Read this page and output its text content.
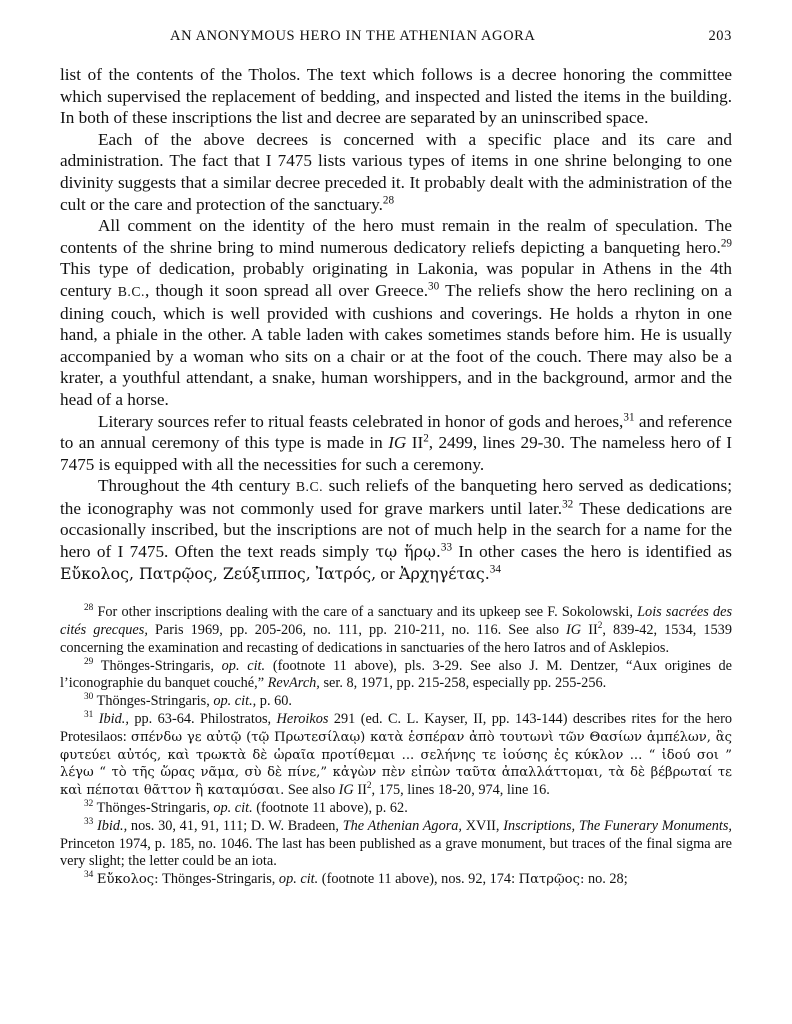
AN ANONYMOUS HERO IN THE ATHENIAN AGORA	203

list of the contents of the Tholos. The text which follows is a decree honoring the committee which supervised the replacement of bedding, and inspected and listed the items in the building. In both of these inscriptions the list and decree are separated by an uninscribed space.

Each of the above decrees is concerned with a specific place and its care and administration. The fact that I 7475 lists various types of items in one shrine belonging to one divinity suggests that a similar decree preceded it. It probably dealt with the administration of the cult or the care and protection of the sanctuary.$^{28}$

All comment on the identity of the hero must remain in the realm of speculation. The contents of the shrine bring to mind numerous dedicatory reliefs depicting a banqueting hero.$^{29}$ This type of dedication, probably originating in Lakonia, was popular in Athens in the 4th century B.C., though it soon spread all over Greece.$^{30}$ The reliefs show the hero reclining on a dining couch, which is well provided with cushions and coverings. He holds a rhyton in one hand, a phiale in the other. A table laden with cakes sometimes stands before him. He is usually accompanied by a woman who sits on a chair or at the foot of the couch. There may also be a krater, a youthful attendant, a snake, human worshippers, and in the background, armor and the head of a horse.

Literary sources refer to ritual feasts celebrated in honor of gods and heroes,$^{31}$ and reference to an annual ceremony of this type is made in IG $II^2$, 2499, lines 29-30. The nameless hero of I 7475 is equipped with all the necessities for such a ceremony.

Throughout the 4th century B.C. such reliefs of the banqueting hero served as dedications; the iconography was not commonly used for grave markers until later.$^{32}$ These dedications are occasionally inscribed, but the inscriptions are not of much help in the search for a name for the hero of I 7475. Often the text reads simply τῳ ἥρῳ.$^{33}$ In other cases the hero is identified as Εὔκολος, Πατρῷος, Ζεύξιππος, Ἰατρός, or Ἀρχηγέτας.$^{34}$

$^{28}$ For other inscriptions dealing with the care of a sanctuary and its upkeep see F. Sokolowski, Lois sacrées des cités grecques, Paris 1969, pp. 205-206, no. 111, pp. 210-211, no. 116. See also IG $II^2$, 839-42, 1534, 1539 concerning the examination and recasting of dedications in sanctuaries of the hero Iatros and of Asklepios.

$^{29}$ Thönges-Stringaris, op. cit. (footnote 11 above), pls. 3-29. See also J. M. Dentzer, “Aux origines de l’iconographie du banquet couché,” RevArch, ser. 8, 1971, pp. 215-258, especially pp. 255-256.

$^{30}$ Thönges-Stringaris, op. cit., p. 60.

$^{31}$ Ibid., pp. 63-64. Philostratos, Heroikos 291 (ed. C. L. Kayser, II, pp. 143-144) describes rites for the hero Protesilaos: σπένδω γε αὐτῷ (τῷ Πρωτεσίλαῳ) κατὰ ἑσπέραν ἀπὸ τουτωνὶ τῶν Θασίων ἀμπέλων, ἃς φυτεύει αὐτός, καὶ τρωκτὰ δὲ ὡραῖα προτίθεμαι ... σελήνης τε ἰούσης ἐς κύκλον ... “ ἰδού σοι ” λέγω “ τὸ τῆς ὥρας νᾶμα, σὺ δὲ πίνε,” κἀγὼν πὲν εἰπὼν ταῦτα ἀπαλλάττομαι, τὰ δὲ βέβρωταί τε καὶ πέποται θᾶττον ἢ καταμύσαι. See also IG $II^2$, 175, lines 18-20, 974, line 16.

$^{32}$ Thönges-Stringaris, op. cit. (footnote 11 above), p. 62.

$^{33}$ Ibid., nos. 30, 41, 91, 111; D. W. Bradeen, The Athenian Agora, XVII, Inscriptions, The Funerary Monuments, Princeton 1974, p. 185, no. 1046. The last has been published as a grave monument, but traces of the final sigma are very slight; the letter could be an iota.

$^{34}$ Εὔκολος: Thönges-Stringaris, op. cit. (footnote 11 above), nos. 92, 174: Πατρῷος: no. 28;
